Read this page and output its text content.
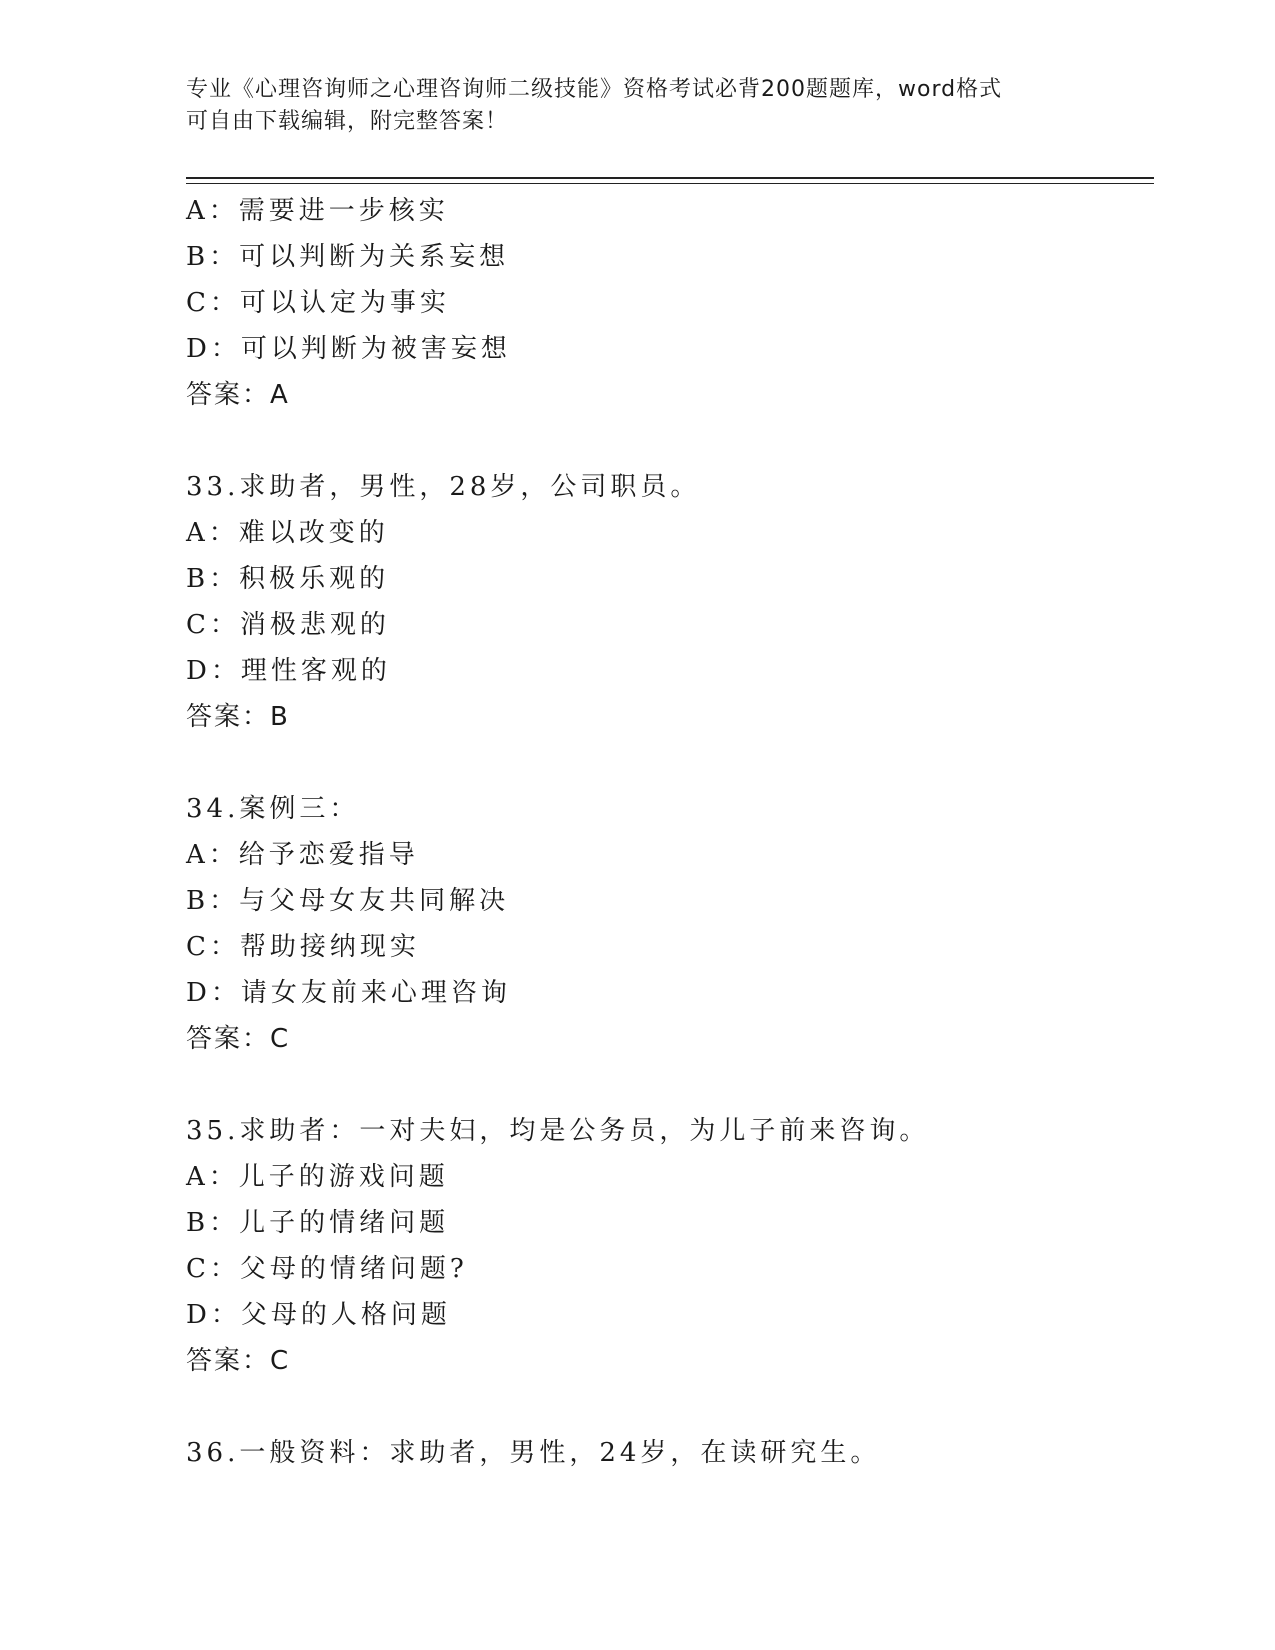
专业《心理咨询师之心理咨询师二级技能》资格考试必背200题题库，word格式
可自由下载编辑，附完整答案！
A：需要进一步核实
B：可以判断为关系妄想
C：可以认定为事实
D：可以判断为被害妄想
答案：A
33.求助者，男性，28岁，公司职员。
A：难以改变的
B：积极乐观的
C：消极悲观的
D：理性客观的
答案：B
34.案例三：
A：给予恋爱指导
B：与父母女友共同解决
C：帮助接纳现实
D：请女友前来心理咨询
答案：C
35.求助者：一对夫妇，均是公务员，为儿子前来咨询。
A：儿子的游戏问题
B：儿子的情绪问题
C：父母的情绪问题?
D：父母的人格问题
答案：C
36.一般资料：求助者，男性，24岁，在读研究生。
